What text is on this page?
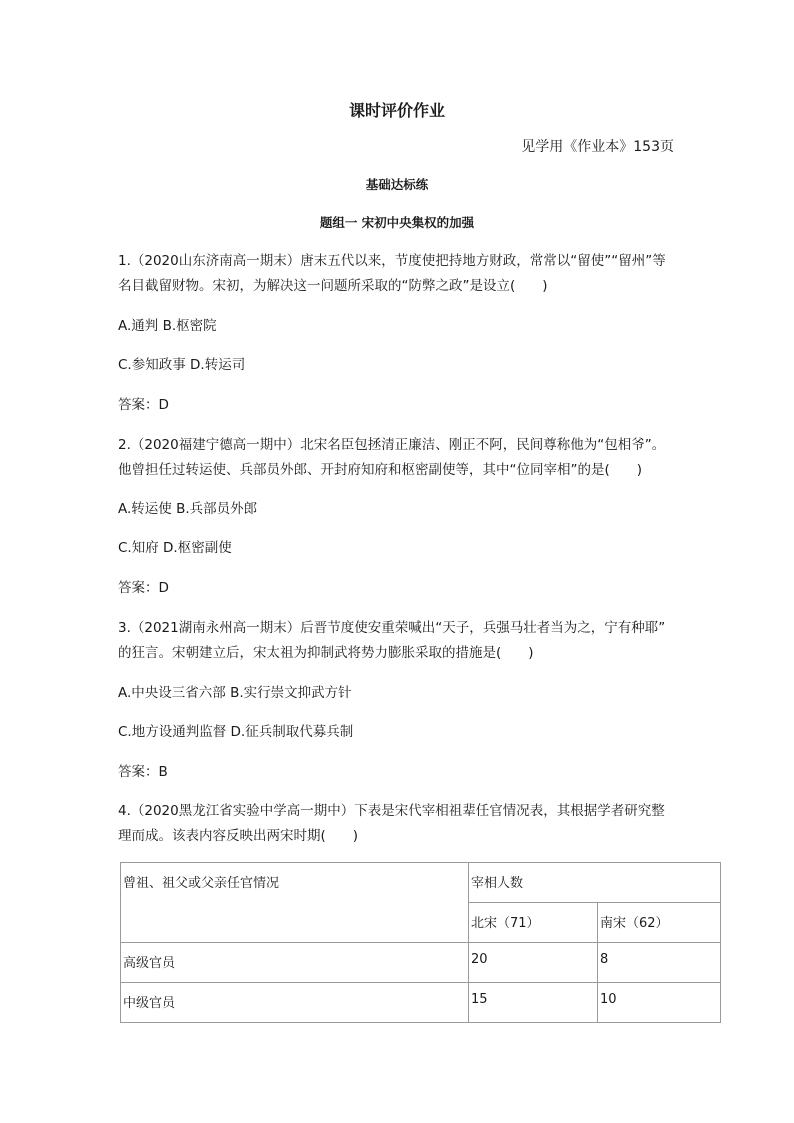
课时评价作业
见学用《作业本》153页
基础达标练
题组一 宋初中央集权的加强
1.（2020山东济南高一期末）唐末五代以来，节度使把持地方财政，常常以“留使”“留州”等
名目截留财物。宋初，为解决这一问题所采取的“防弊之政”是设立(　　)
A.通判 B.枢密院
C.参知政事 D.转运司
答案：D
2.（2020福建宁德高一期中）北宋名臣包拯清正廉洁、刚正不阿，民间尊称他为“包相爷”。
他曾担任过转运使、兵部员外郎、开封府知府和枢密副使等，其中“位同宰相”的是(　　)
A.转运使 B.兵部员外郎
C.知府 D.枢密副使
答案：D
3.（2021湖南永州高一期末）后晋节度使安重荣喊出“天子，兵强马壮者当为之，宁有种耶”
的狂言。宋朝建立后，宋太祖为抑制武将势力膨胀采取的措施是(　　)
A.中央设三省六部 B.实行崇文抑武方针
C.地方设通判监督 D.征兵制取代募兵制
答案：B
4.（2020黑龙江省实验中学高一期中）下表是宋代宰相祖辈任官情况表，其根据学者研究整
理而成。该表内容反映出两宋时期(　　)
曾祖、祖父或父亲任官情况	宰相人数	
	北宋（71）	南宋（62）
高级官员	20	8
中级官员	15	10
